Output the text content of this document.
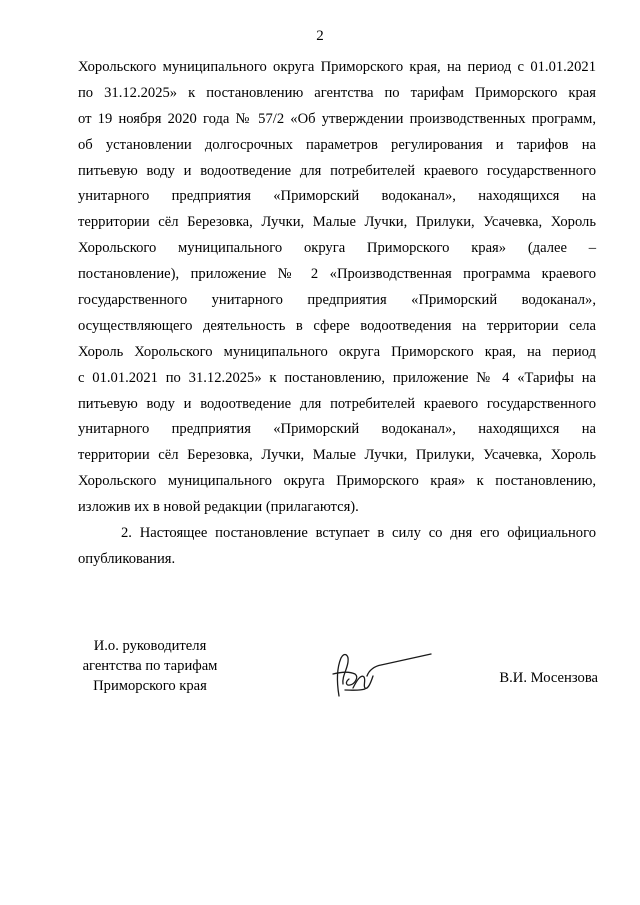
2
Хорольского муниципального округа Приморского края, на период с 01.01.2021
по 31.12.2025» к постановлению агентства по тарифам Приморского края
от 19 ноября 2020 года № 57/2 «Об утверждении производственных программ,
об установлении долгосрочных параметров регулирования и тарифов на
питьевую воду и водоотведение для потребителей краевого государственного
унитарного предприятия «Приморский водоканал», находящихся на
территории сёл Березовка, Лучки, Малые Лучки, Прилуки, Усачевка, Хороль
Хорольского муниципального округа Приморского края» (далее –
постановление), приложение № 2 «Производственная программа краевого
государственного унитарного предприятия «Приморский водоканал»,
осуществляющего деятельность в сфере водоотведения на территории села
Хороль Хорольского муниципального округа Приморского края, на период
с 01.01.2021 по 31.12.2025» к постановлению, приложение № 4 «Тарифы на
питьевую воду и водоотведение для потребителей краевого государственного
унитарного предприятия «Приморский водоканал», находящихся на
территории сёл Березовка, Лучки, Малые Лучки, Прилуки, Усачевка, Хороль
Хорольского муниципального округа Приморского края» к постановлению,
изложив их в новой редакции (прилагаются).
2. Настоящее постановление вступает в силу со дня его официального
опубликования.
И.о. руководителя
агентства по тарифам
Приморского края	В.И. Мосензова
